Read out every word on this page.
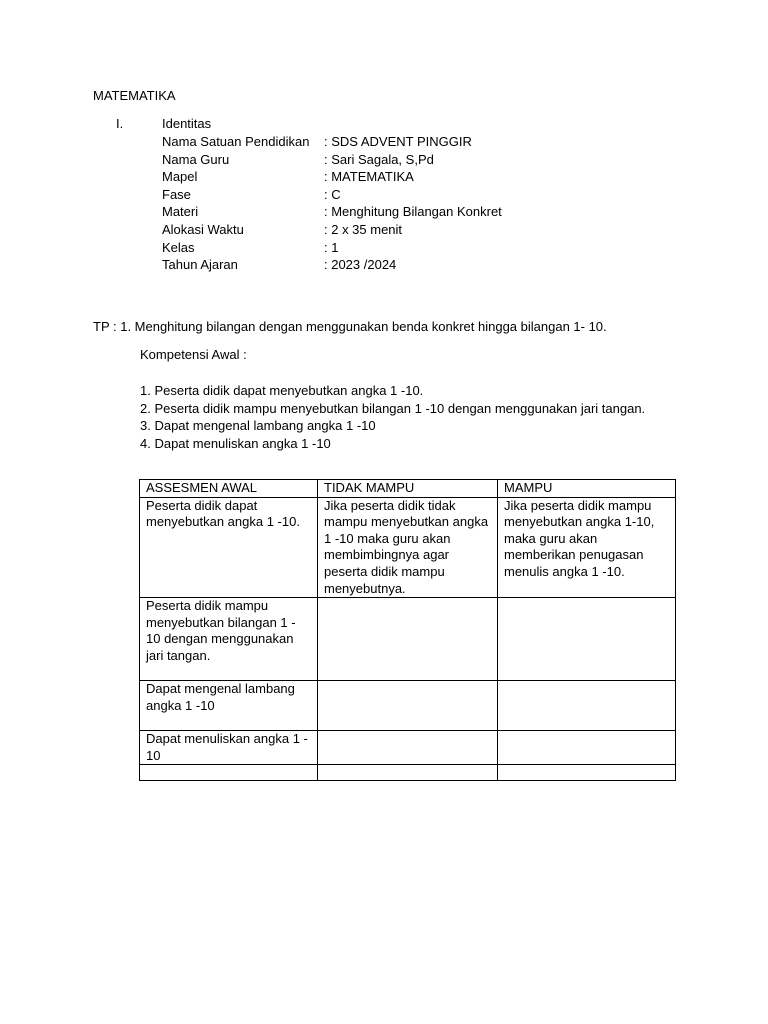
MATEMATIKA
I.	Identitas
Nama Satuan Pendidikan	: SDS ADVENT PINGGIR
Nama Guru	: Sari Sagala, S,Pd
Mapel	: MATEMATIKA
Fase	: C
Materi	: Menghitung Bilangan Konkret
Alokasi Waktu	: 2 x 35 menit
Kelas	: 1
Tahun Ajaran	: 2023 /2024
TP : 1. Menghitung bilangan dengan menggunakan benda konkret hingga bilangan 1- 10.
Kompetensi Awal :
1. Peserta didik dapat menyebutkan angka 1 -10.
2. Peserta didik mampu menyebutkan bilangan 1 -10 dengan menggunakan jari tangan.
3. Dapat mengenal lambang angka 1 -10
4. Dapat menuliskan angka 1 -10
ASSESMEN AWAL	TIDAK MAMPU	MAMPU
Peserta didik dapat menyebutkan angka 1 -10.	Jika peserta didik tidak mampu menyebutkan angka 1 -10 maka guru akan membimbingnya agar peserta didik mampu menyebutnya.	Jika peserta didik mampu menyebutkan angka 1-10, maka guru akan memberikan penugasan menulis angka 1 -10.
Peserta didik mampu menyebutkan bilangan 1 - 10 dengan menggunakan jari tangan.		
Dapat mengenal lambang angka 1 -10		
Dapat menuliskan angka 1 - 10		
